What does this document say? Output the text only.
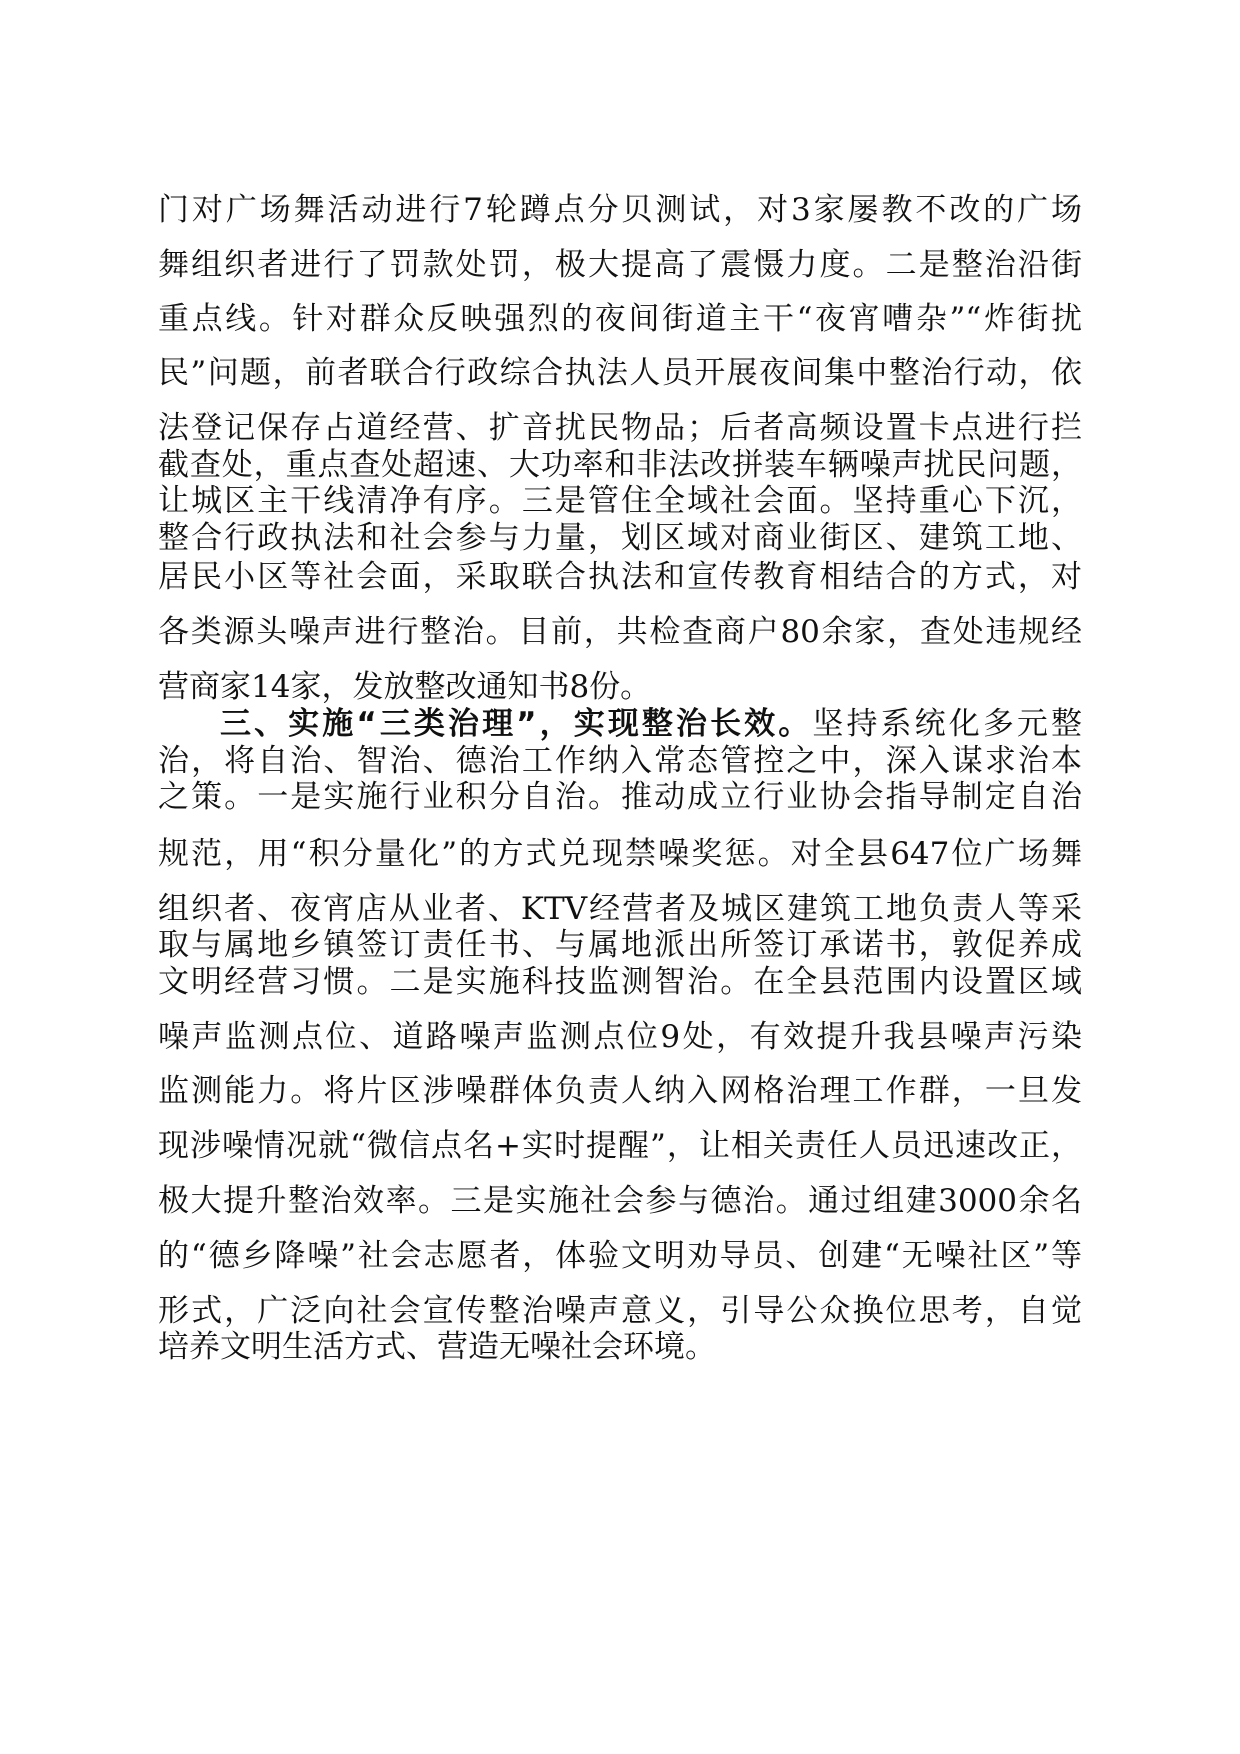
门对广场舞活动进行7轮蹲点分贝测试，对3家屡教不改的广场
舞组织者进行了罚款处罚，极大提高了震慑力度。二是整治沿街
重点线。针对群众反映强烈的夜间街道主干“夜宵嘈杂”“炸街扰
民”问题，前者联合行政综合执法人员开展夜间集中整治行动，依
法登记保存占道经营、扩音扰民物品；后者高频设置卡点进行拦
截查处，重点查处超速、大功率和非法改拼装车辆噪声扰民问题，
让城区主干线清净有序。三是管住全域社会面。坚持重心下沉，
整合行政执法和社会参与力量，划区域对商业街区、建筑工地、
居民小区等社会面，采取联合执法和宣传教育相结合的方式，对
各类源头噪声进行整治。目前，共检查商户80余家，查处违规经
营商家14家，发放整改通知书8份。
三、实施“三类治理”，实现整治长效。坚持系统化多元整
治，将自治、智治、德治工作纳入常态管控之中，深入谋求治本
之策。一是实施行业积分自治。推动成立行业协会指导制定自治
规范，用“积分量化”的方式兑现禁噪奖惩。对全县647位广场舞
组织者、夜宵店从业者、KTV经营者及城区建筑工地负责人等采
取与属地乡镇签订责任书、与属地派出所签订承诺书，敦促养成
文明经营习惯。二是实施科技监测智治。在全县范围内设置区域
噪声监测点位、道路噪声监测点位9处，有效提升我县噪声污染
监测能力。将片区涉噪群体负责人纳入网格治理工作群，一旦发
现涉噪情况就“微信点名+实时提醒”，让相关责任人员迅速改正，
极大提升整治效率。三是实施社会参与德治。通过组建3000余名
的“德乡降噪”社会志愿者，体验文明劝导员、创建“无噪社区”等
形式，广泛向社会宣传整治噪声意义，引导公众换位思考，自觉
培养文明生活方式、营造无噪社会环境。
